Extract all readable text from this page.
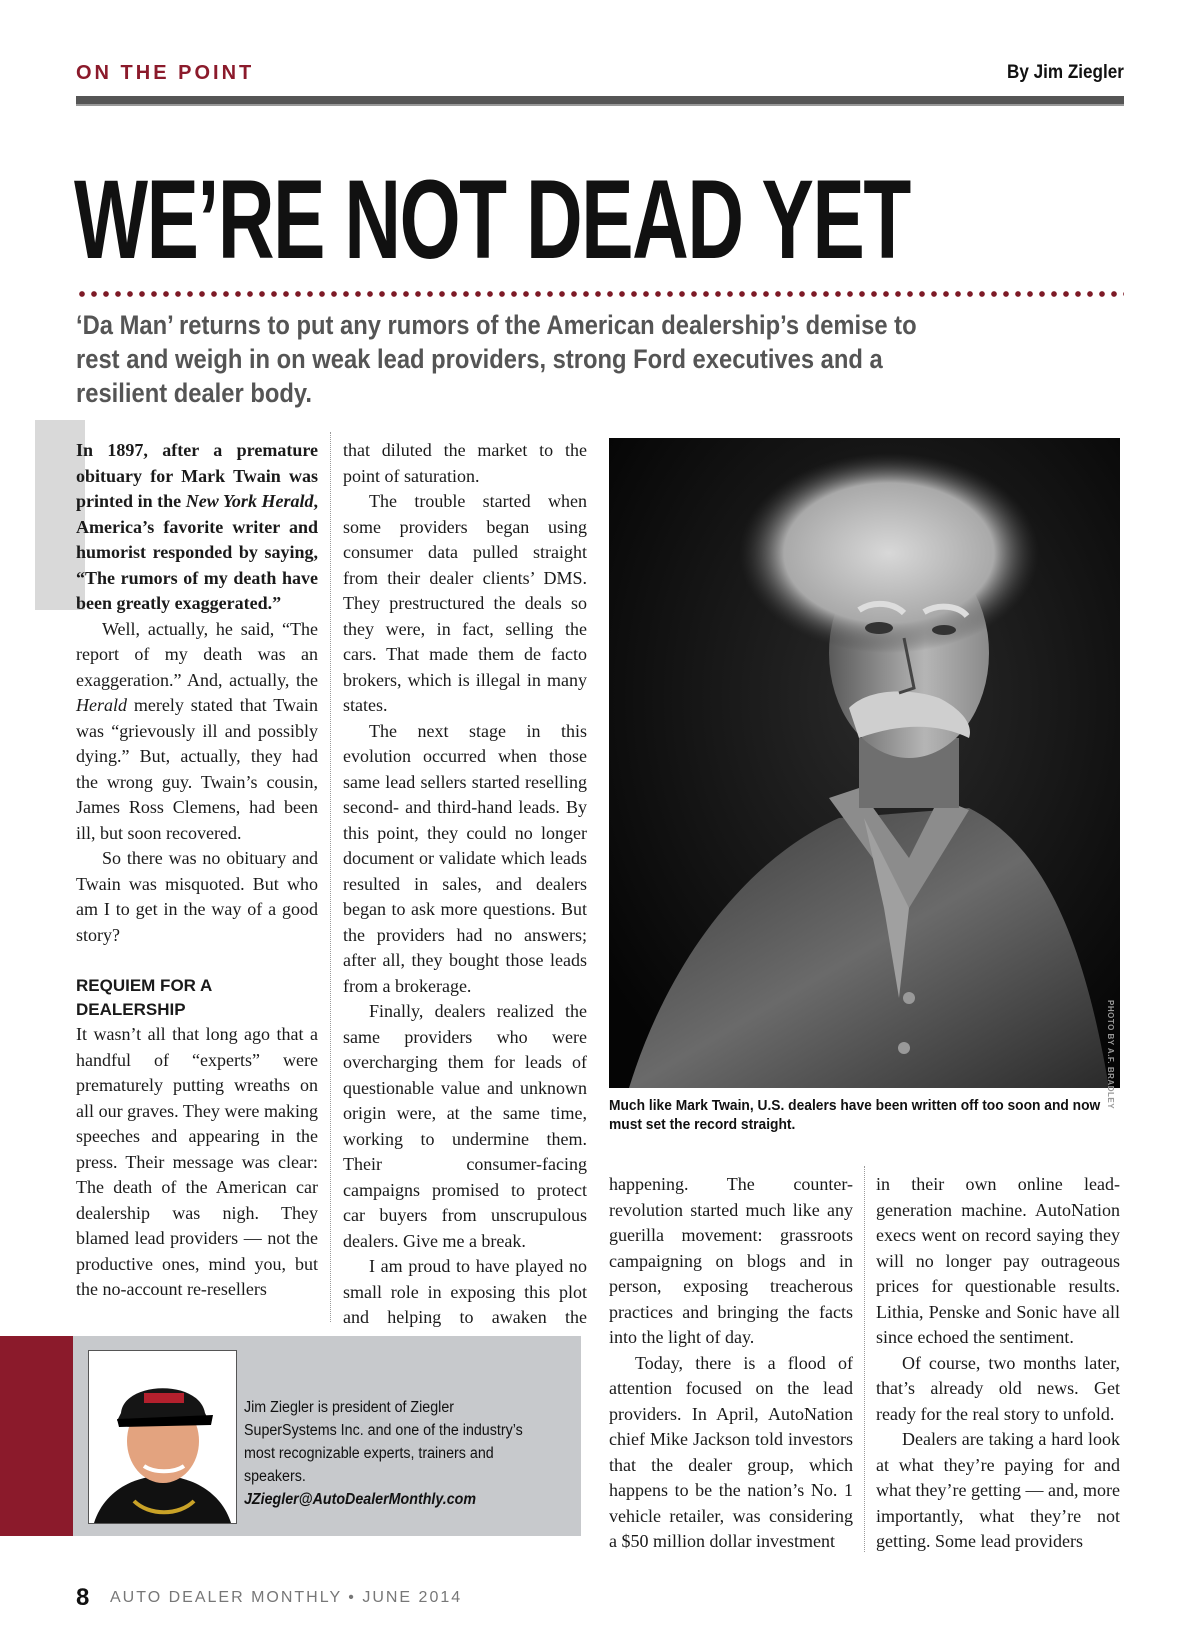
ON THE POINT	By Jim Ziegler
WE’RE NOT DEAD YET
‘Da Man’ returns to put any rumors of the American dealership’s demise to rest and weigh in on weak lead providers, strong Ford executives and a resilient dealer body.

In 1897, after a premature obituary for Mark Twain was printed in the New York Herald, America’s favorite writer and humorist responded by saying, “The rumors of my death have been greatly exaggerated.”

Well, actually, he said, “The report of my death was an exaggeration.” And, actually, the Herald merely stated that Twain was “grievously ill and possibly dying.” But, actually, they had the wrong guy. Twain’s cousin, James Ross Clemens, had been ill, but soon recovered.

So there was no obituary and Twain was misquoted. But who am I to get in the way of a good story?

REQUIEM FOR A DEALERSHIP

It wasn’t all that long ago that a handful of “experts” were prematurely putting wreaths on all our graves. They were making speeches and appearing in the press. Their message was clear: The death of the American car dealership was nigh. They blamed lead providers — not the productive ones, mind you, but the no-account re-resellers

that diluted the market to the point of saturation.

The trouble started when some providers began using consumer data pulled straight from their dealer clients’ DMS. They prestructured the deals so they were, in fact, selling the cars. That made them de facto brokers, which is illegal in many states.

The next stage in this evolution occurred when those same lead sellers started reselling second- and third-hand leads. By this point, they could no longer document or validate which leads resulted in sales, and dealers began to ask more questions. But the providers had no answers; after all, they bought those leads from a brokerage.

Finally, dealers realized the same providers who were overcharging them for leads of questionable value and unknown origin were, at the same time, working to undermine them. Their consumer-facing campaigns promised to protect car buyers from unscrupulous dealers. Give me a break.

I am proud to have played no small role in exposing this plot and helping to awaken the

PHOTO BY A.F. BRADLEY
Much like Mark Twain, U.S. dealers have been written off too soon and now must set the record straight.

happening. The counter-revolution started much like any guerilla movement: grassroots campaigning on blogs and in person, exposing treacherous practices and bringing the facts into the light of day.

Today, there is a flood of attention focused on the lead providers. In April, AutoNation chief Mike Jackson told investors that the dealer group, which happens to be the nation’s No. 1 vehicle retailer, was considering a $50 million dollar investment

in their own online lead-generation machine. AutoNation execs went on record saying they will no longer pay outrageous prices for questionable results. Lithia, Penske and Sonic have all since echoed the sentiment.

Of course, two months later, that’s already old news. Get ready for the real story to unfold.

Dealers are taking a hard look at what they’re paying for and what they’re getting — and, more importantly, what they’re not getting. Some lead providers

Jim Ziegler is president of Ziegler SuperSystems Inc. and one of the industry’s most recognizable experts, trainers and speakers.
JZiegler@AutoDealerMonthly.com
8 AUTO DEALER MONTHLY • JUNE 2014
